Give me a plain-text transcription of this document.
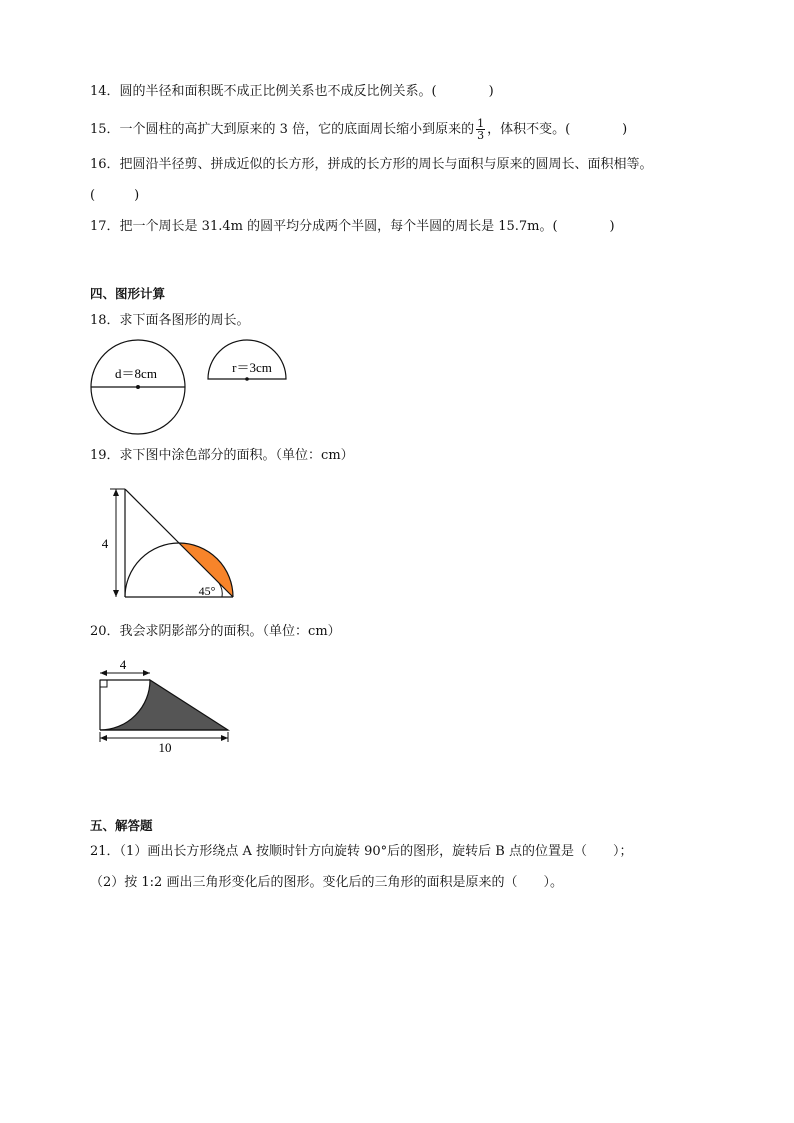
14．圆的半径和面积既不成正比例关系也不成反比例关系。(　　　　)
15．一个圆柱的高扩大到原来的 3 倍，它的底面周长缩小到原来的 $\frac{1}{3}$ ，体积不变。(　　　　)
16．把圆沿半径剪、拼成近似的长方形，拼成的长方形的周长与面积与原来的圆周长、面积相等。
(　　　)
17．把一个周长是 31.4m 的圆平均分成两个半圆，每个半圆的周长是 15.7m。(　　　　)
四、图形计算
18．求下面各图形的周长。
d＝8cm	r＝3cm
19．求下图中涂色部分的面积。（单位：cm）
4
45°
20．我会求阴影部分的面积。（单位：cm）
4
10
五、解答题
21．（1）画出长方形绕点 A 按顺时针方向旋转 90°后的图形，旋转后 B 点的位置是（　　）；
（2）按 1:2 画出三角形变化后的图形。变化后的三角形的面积是原来的（　　）。
